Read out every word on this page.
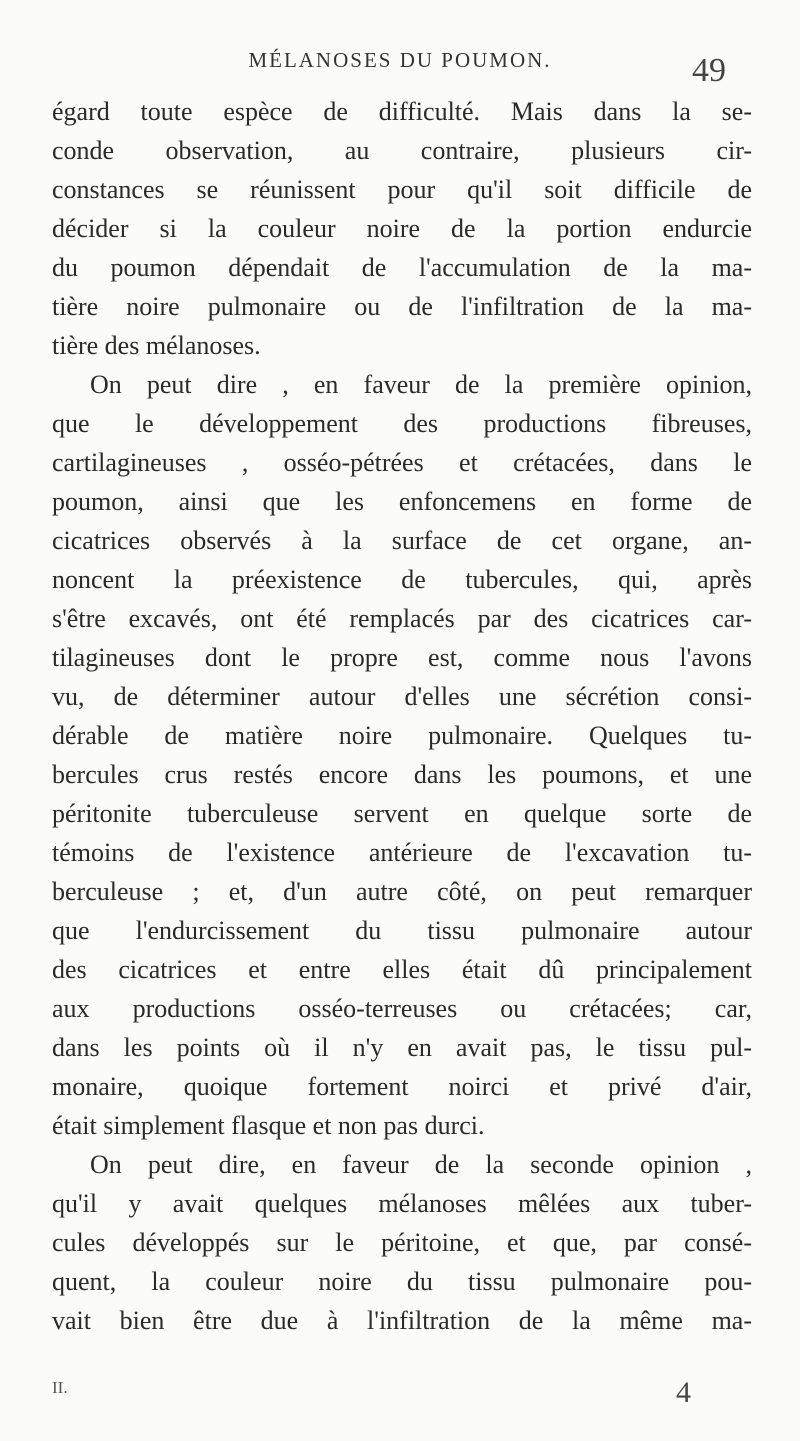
MÉLANOSES DU POUMON.	49
égard toute espèce de difficulté. Mais dans la se-
conde observation, au contraire, plusieurs cir-
constances se réunissent pour qu'il soit difficile de
décider si la couleur noire de la portion endurcie
du poumon dépendait de l'accumulation de la ma-
tière noire pulmonaire ou de l'infiltration de la ma-
tière des mélanoses.
On peut dire , en faveur de la première opinion,
que le développement des productions fibreuses,
cartilagineuses , osséo-pétrées et crétacées, dans le
poumon, ainsi que les enfoncemens en forme de
cicatrices observés à la surface de cet organe, an-
noncent la préexistence de tubercules, qui, après
s'être excavés, ont été remplacés par des cicatrices car-
tilagineuses dont le propre est, comme nous l'avons
vu, de déterminer autour d'elles une sécrétion consi-
dérable de matière noire pulmonaire. Quelques tu-
bercules crus restés encore dans les poumons, et une
péritonite tuberculeuse servent en quelque sorte de
témoins de l'existence antérieure de l'excavation tu-
berculeuse ; et, d'un autre côté, on peut remarquer
que l'endurcissement du tissu pulmonaire autour
des cicatrices et entre elles était dû principalement
aux productions osséo-terreuses ou crétacées; car,
dans les points où il n'y en avait pas, le tissu pul-
monaire, quoique fortement noirci et privé d'air,
était simplement flasque et non pas durci.
On peut dire, en faveur de la seconde opinion ,
qu'il y avait quelques mélanoses mêlées aux tuber-
cules développés sur le péritoine, et que, par consé-
quent, la couleur noire du tissu pulmonaire pou-
vait bien être due à l'infiltration de la même ma-
II.	4
